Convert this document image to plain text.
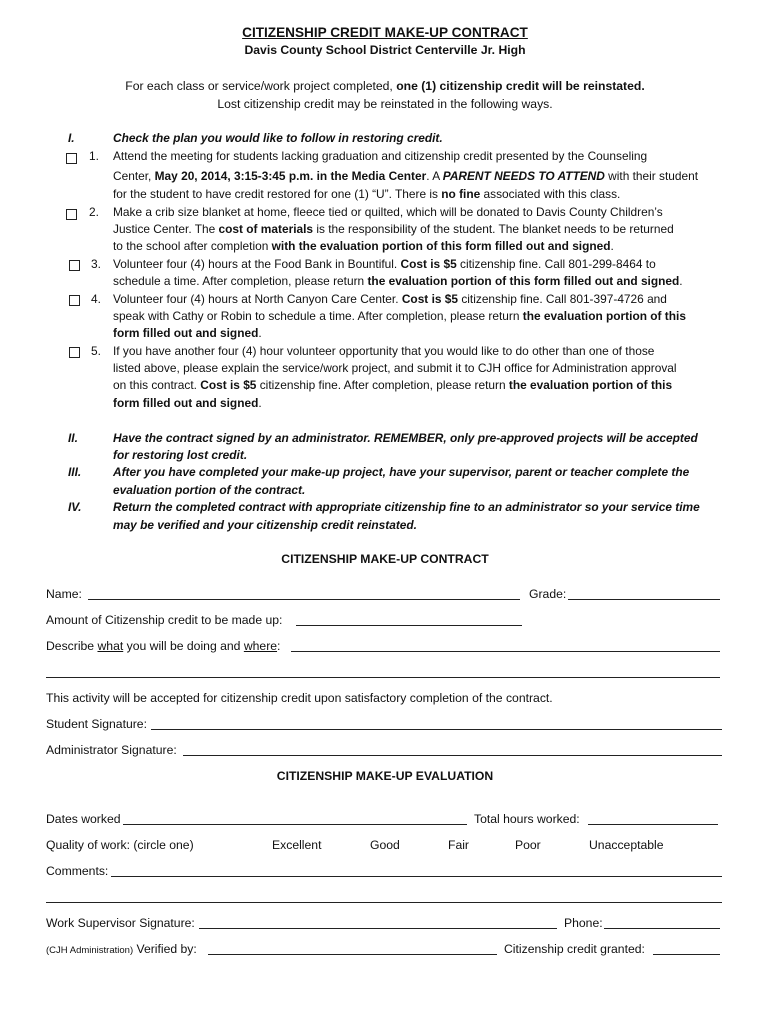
CITIZENSHIP CREDIT MAKE-UP CONTRACT
Davis County School District Centerville Jr. High
For each class or service/work project completed, one (1) citizenship credit will be reinstated.
Lost citizenship credit may be reinstated in the following ways.
I.	Check the plan you would like to follow in restoring credit.
1. Attend the meeting for students lacking graduation and citizenship credit presented by the Counseling
Center, May 20, 2014, 3:15-3:45 p.m. in the Media Center. A PARENT NEEDS TO ATTEND with their student
for the student to have credit restored for one (1) “U”. There is no fine associated with this class.
2. Make a crib size blanket at home, fleece tied or quilted, which will be donated to Davis County Children’s
Justice Center. The cost of materials is the responsibility of the student. The blanket needs to be returned
to the school after completion with the evaluation portion of this form filled out and signed.
3. Volunteer four (4) hours at the Food Bank in Bountiful. Cost is $5 citizenship fine. Call 801-299-8464 to
schedule a time. After completion, please return the evaluation portion of this form filled out and signed.
4. Volunteer four (4) hours at North Canyon Care Center. Cost is $5 citizenship fine. Call 801-397-4726 and
speak with Cathy or Robin to schedule a time. After completion, please return the evaluation portion of this
form filled out and signed.
5. If you have another four (4) hour volunteer opportunity that you would like to do other than one of those
listed above, please explain the service/work project, and submit it to CJH office for Administration approval
on this contract. Cost is $5 citizenship fine. After completion, please return the evaluation portion of this
form filled out and signed.
II.	Have the contract signed by an administrator. REMEMBER, only pre-approved projects will be accepted
for restoring lost credit.
III.	After you have completed your make-up project, have your supervisor, parent or teacher complete the
evaluation portion of the contract.
IV.	Return the completed contract with appropriate citizenship fine to an administrator so your service time
may be verified and your citizenship credit reinstated.
CITIZENSHIP MAKE-UP CONTRACT
Name:	Grade:
Amount of Citizenship credit to be made up:
Describe what you will be doing and where:
This activity will be accepted for citizenship credit upon satisfactory completion of the contract.
Student Signature:
Administrator Signature:
CITIZENSHIP MAKE-UP EVALUATION
Dates worked	Total hours worked:
Quality of work: (circle one)	Excellent	Good	Fair	Poor	Unacceptable
Comments:
Work Supervisor Signature:	Phone:
(CJH Administration) Verified by:	Citizenship credit granted:
